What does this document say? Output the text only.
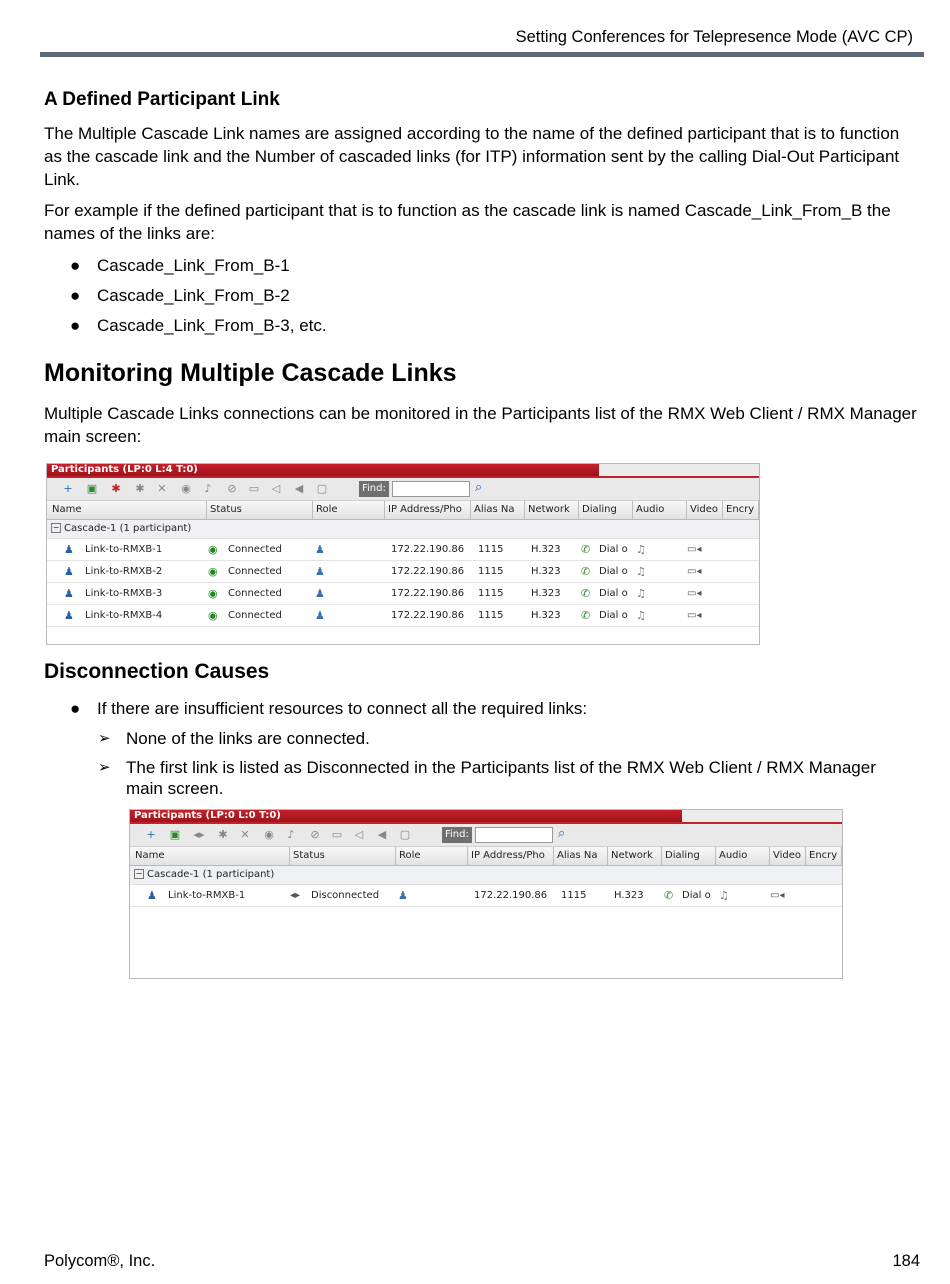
Setting Conferences for Telepresence Mode (AVC CP)
A Defined Participant Link

The Multiple Cascade Link names are assigned according to the name of the defined participant that is to function as the cascade link and the Number of cascaded links (for ITP) information sent by the calling Dial-Out Participant Link.

For example if the defined participant that is to function as the cascade link is named Cascade_Link_From_B the names of the links are:

● Cascade_Link_From_B-1
● Cascade_Link_From_B-2
● Cascade_Link_From_B-3, etc.
Monitoring Multiple Cascade Links

Multiple Cascade Links connections can be monitored in the Participants list of the RMX Web Client / RMX Manager main screen:

Participants (LP:0 L:4 T:0)
+ ▣ ✱ ✱ ✕ ◉	♪	⊘ ▭ ◁ ◀ ▢	Find:	⌕
Name	Status	Role	IP Address/Pho	Alias Na	Network	Dialing	Audio	Video Encry
− Cascade-1 (1 participant)
♟ Link-to-RMXB-1	◉ Connected	♟	172.22.190.86 1115	H.323 ✆ Dial o ♫	▭◂
♟ Link-to-RMXB-2	◉ Connected	♟	172.22.190.86 1115	H.323 ✆ Dial o ♫	▭◂
♟ Link-to-RMXB-3	◉ Connected	♟	172.22.190.86 1115	H.323 ✆ Dial o ♫	▭◂
♟ Link-to-RMXB-4	◉ Connected	♟	172.22.190.86 1115	H.323 ✆ Dial o ♫	▭◂
Disconnection Causes
● If there are insufficient resources to connect all the required links:
➢ None of the links are connected.
➢ The first link is listed as Disconnected in the Participants list of the RMX Web Client / RMX Manager main screen.
Participants (LP:0 L:0 T:0)
+ ▣ ◂▸ ✱ ✕ ◉	♪	⊘ ▭ ◁ ◀ ▢	Find:	⌕
Name	Status	Role	IP Address/Pho	Alias Na	Network	Dialing	Audio	Video Encry
− Cascade-1 (1 participant)
♟ Link-to-RMXB-1	◂▸ Disconnected ♟	172.22.190.86 1115	H.323 ✆ Dial o ♫	▭◂
Polycom®, Inc.	184
